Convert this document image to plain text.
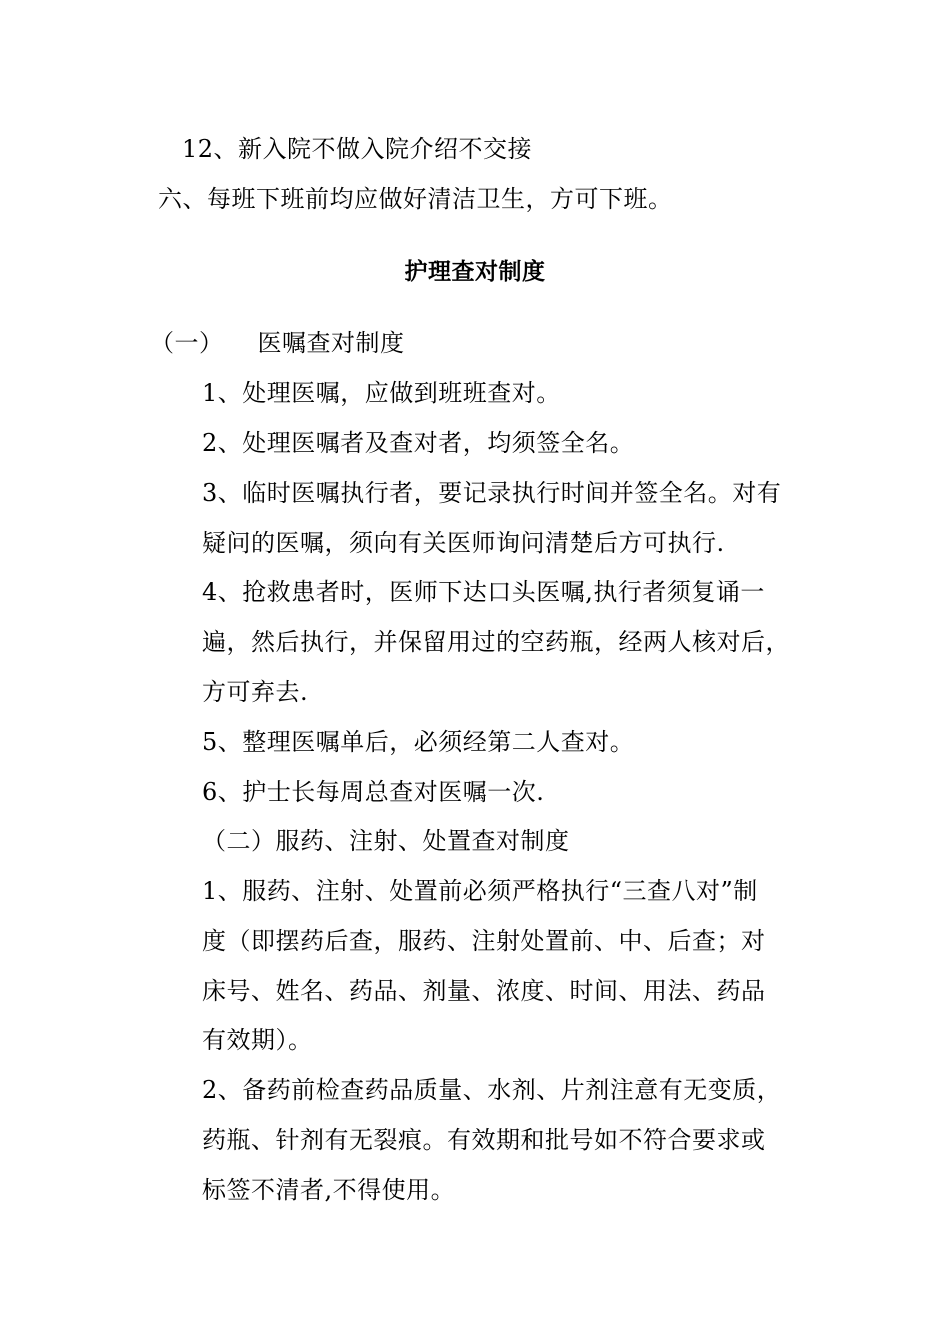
12、新入院不做入院介绍不交接
六、每班下班前均应做好清洁卫生，方可下班。
护理查对制度
（一） 医嘱查对制度
1、处理医嘱，应做到班班查对。
2、处理医嘱者及查对者，均须签全名。
3、临时医嘱执行者，要记录执行时间并签全名。对有
疑问的医嘱，须向有关医师询问清楚后方可执行.
4、抢救患者时，医师下达口头医嘱,执行者须复诵一
遍，然后执行，并保留用过的空药瓶，经两人核对后，
方可弃去.
5、整理医嘱单后，必须经第二人查对。
6、护士长每周总查对医嘱一次.
（二）服药、注射、处置查对制度
1、服药、注射、处置前必须严格执行“三查八对”制
度（即摆药后查，服药、注射处置前、中、后查；对
床号、姓名、药品、剂量、浓度、时间、用法、药品
有效期）。
2、备药前检查药品质量、水剂、片剂注意有无变质，
药瓶、针剂有无裂痕。有效期和批号如不符合要求或
标签不清者,不得使用。
